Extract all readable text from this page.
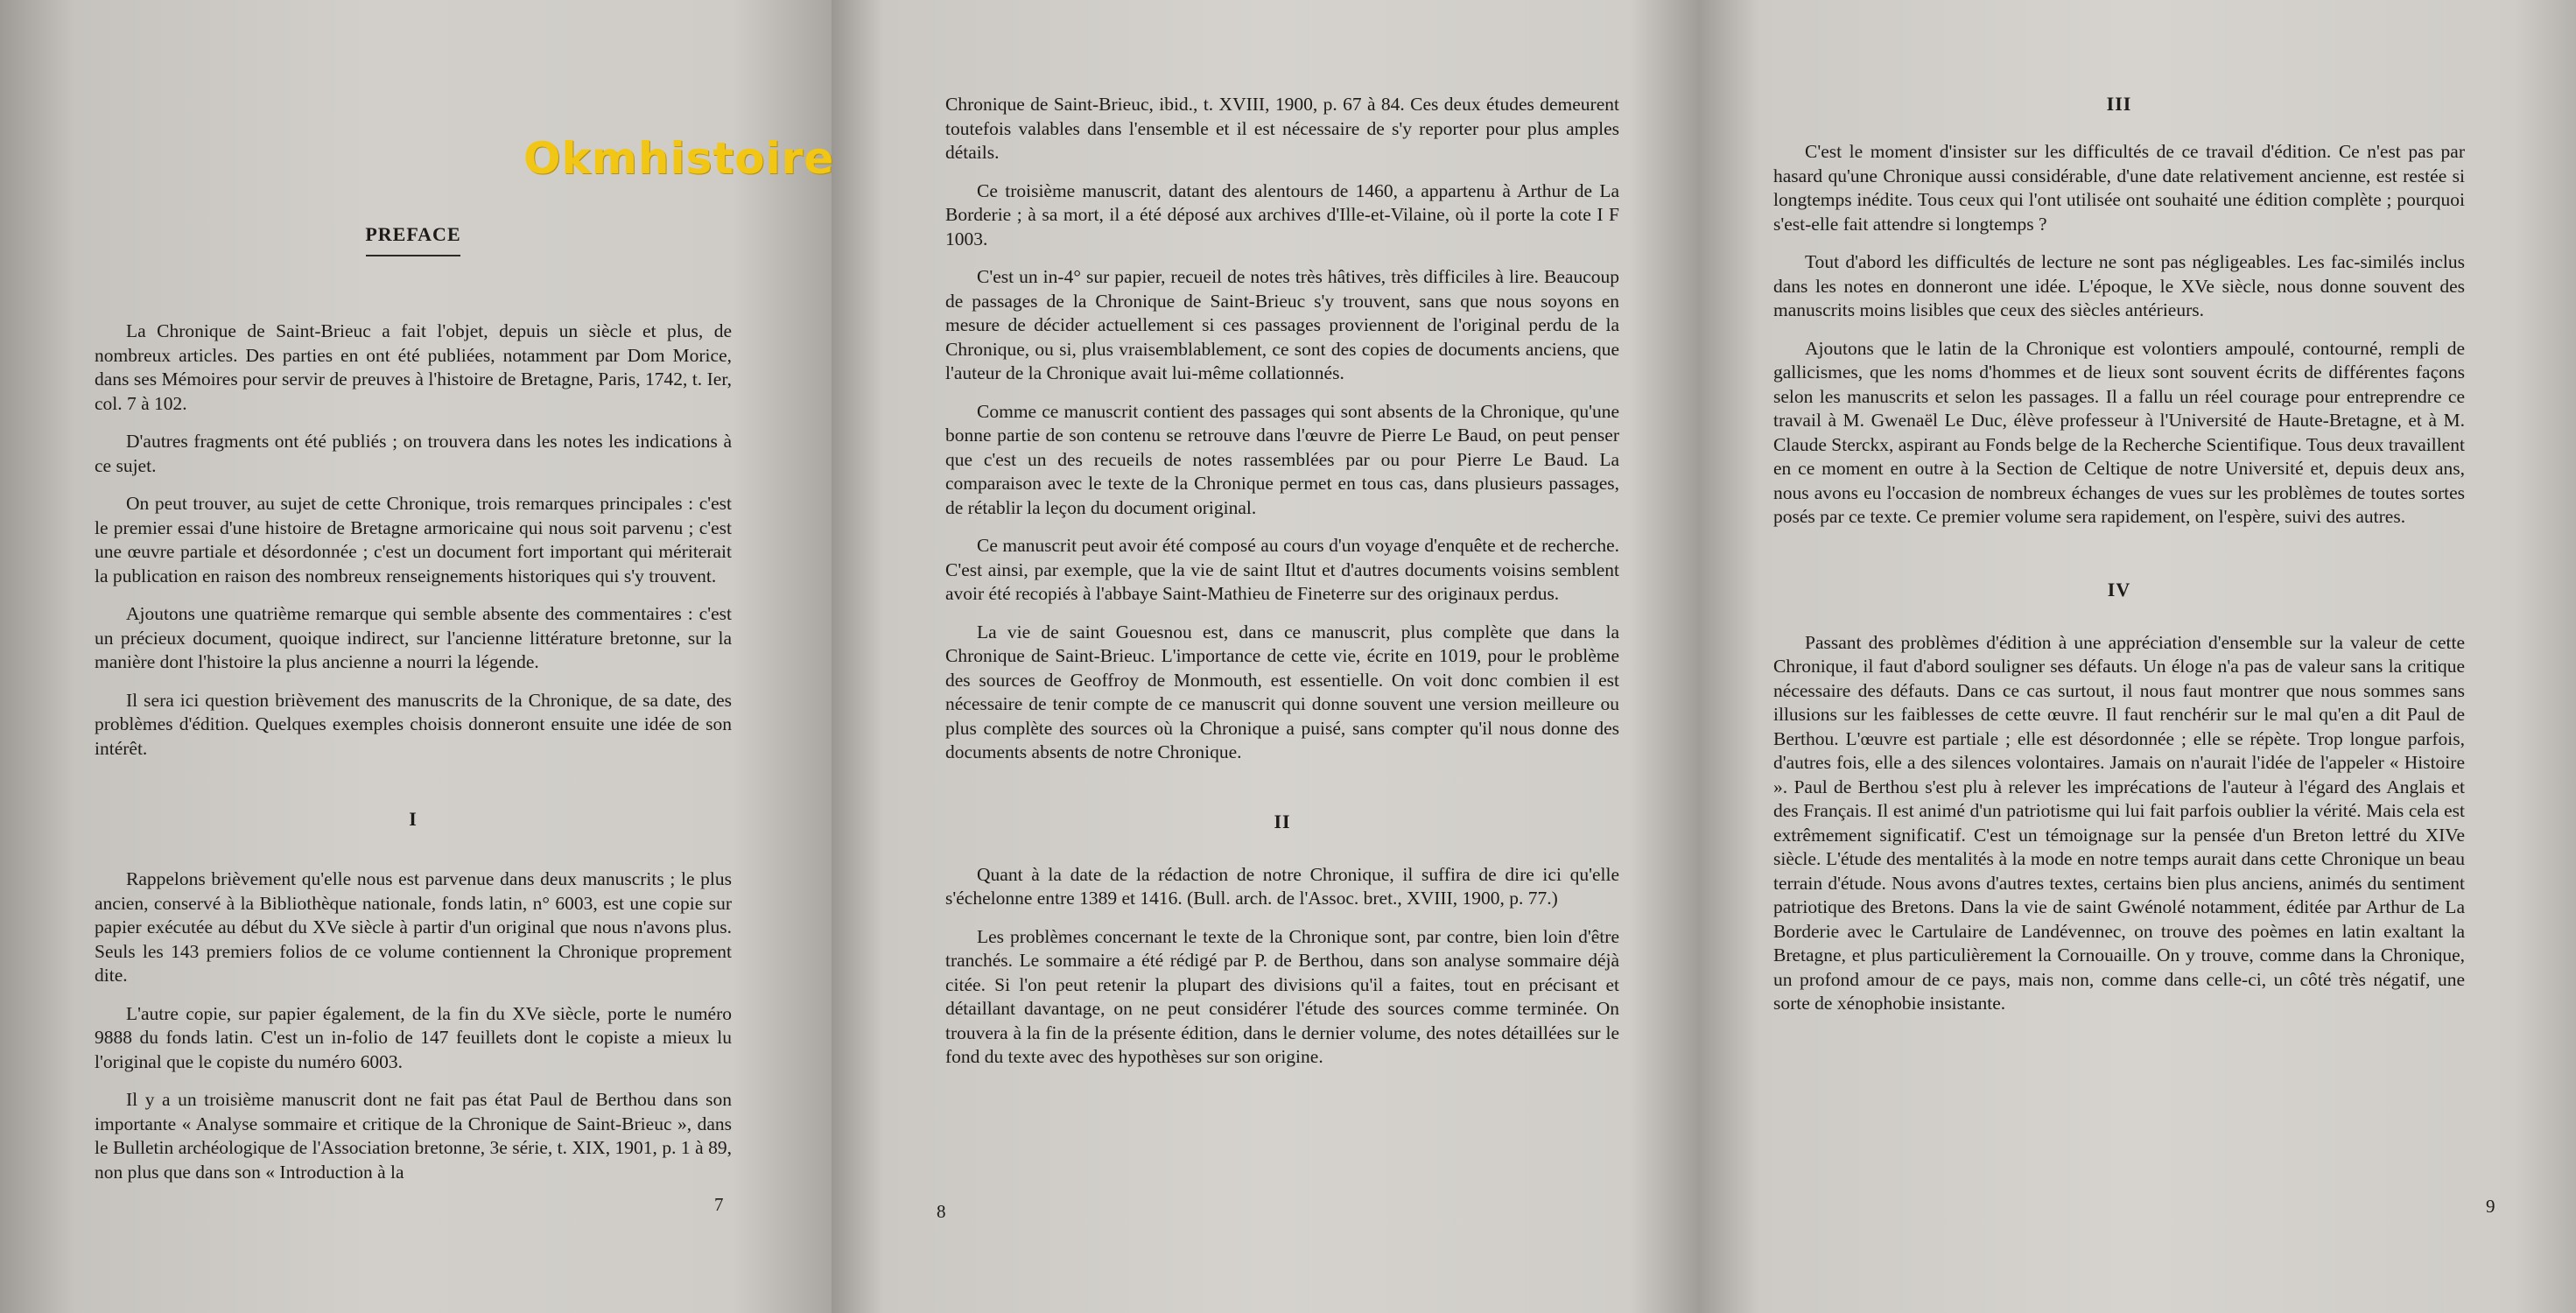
PREFACE

La Chronique de Saint-Brieuc a fait l'objet, depuis un siècle et plus, de nombreux articles. Des parties en ont été publiées, notamment par Dom Morice, dans ses Mémoires pour servir de preuves à l'histoire de Bretagne, Paris, 1742, t. Ier, col. 7 à 102.

D'autres fragments ont été publiés ; on trouvera dans les notes les indications à ce sujet.

On peut trouver, au sujet de cette Chronique, trois remarques principales : c'est le premier essai d'une histoire de Bretagne armoricaine qui nous soit parvenu ; c'est une œuvre partiale et désordonnée ; c'est un document fort important qui mériterait la publication en raison des nombreux renseignements historiques qui s'y trouvent.

Ajoutons une quatrième remarque qui semble absente des commentaires : c'est un précieux document, quoique indirect, sur l'ancienne littérature bretonne, sur la manière dont l'histoire la plus ancienne a nourri la légende.

Il sera ici question brièvement des manuscrits de la Chronique, de sa date, des problèmes d'édition. Quelques exemples choisis donneront ensuite une idée de son intérêt.

I

Rappelons brièvement qu'elle nous est parvenue dans deux manuscrits ; le plus ancien, conservé à la Bibliothèque nationale, fonds latin, n° 6003, est une copie sur papier exécutée au début du XVe siècle à partir d'un original que nous n'avons plus. Seuls les 143 premiers folios de ce volume contiennent la Chronique proprement dite.

L'autre copie, sur papier également, de la fin du XVe siècle, porte le numéro 9888 du fonds latin. C'est un in-folio de 147 feuillets dont le copiste a mieux lu l'original que le copiste du numéro 6003.

Il y a un troisième manuscrit dont ne fait pas état Paul de Berthou dans son importante « Analyse sommaire et critique de la Chronique de Saint-Brieuc », dans le Bulletin archéologique de l'Association bretonne, 3e série, t. XIX, 1901, p. 1 à 89, non plus que dans son « Introduction à la

7

Chronique de Saint-Brieuc, ibid., t. XVIII, 1900, p. 67 à 84. Ces deux études demeurent toutefois valables dans l'ensemble et il est nécessaire de s'y reporter pour plus amples détails.

Ce troisième manuscrit, datant des alentours de 1460, a appartenu à Arthur de La Borderie ; à sa mort, il a été déposé aux archives d'Ille-et-Vilaine, où il porte la cote I F 1003.

C'est un in-4° sur papier, recueil de notes très hâtives, très difficiles à lire. Beaucoup de passages de la Chronique de Saint-Brieuc s'y trouvent, sans que nous soyons en mesure de décider actuellement si ces passages proviennent de l'original perdu de la Chronique, ou si, plus vraisemblablement, ce sont des copies de documents anciens, que l'auteur de la Chronique avait lui-même collationnés.

Comme ce manuscrit contient des passages qui sont absents de la Chronique, qu'une bonne partie de son contenu se retrouve dans l'œuvre de Pierre Le Baud, on peut penser que c'est un des recueils de notes rassemblées par ou pour Pierre Le Baud. La comparaison avec le texte de la Chronique permet en tous cas, dans plusieurs passages, de rétablir la leçon du document original.

Ce manuscrit peut avoir été composé au cours d'un voyage d'enquête et de recherche. C'est ainsi, par exemple, que la vie de saint Iltut et d'autres documents voisins semblent avoir été recopiés à l'abbaye Saint-Mathieu de Fineterre sur des originaux perdus.

La vie de saint Gouesnou est, dans ce manuscrit, plus complète que dans la Chronique de Saint-Brieuc. L'importance de cette vie, écrite en 1019, pour le problème des sources de Geoffroy de Monmouth, est essentielle. On voit donc combien il est nécessaire de tenir compte de ce manuscrit qui donne souvent une version meilleure ou plus complète des sources où la Chronique a puisé, sans compter qu'il nous donne des documents absents de notre Chronique.

II

Quant à la date de la rédaction de notre Chronique, il suffira de dire ici qu'elle s'échelonne entre 1389 et 1416. (Bull. arch. de l'Assoc. bret., XVIII, 1900, p. 77.)

Les problèmes concernant le texte de la Chronique sont, par contre, bien loin d'être tranchés. Le sommaire a été rédigé par P. de Berthou, dans son analyse sommaire déjà citée. Si l'on peut retenir la plupart des divisions qu'il a faites, tout en précisant et détaillant davantage, on ne peut considérer l'étude des sources comme terminée. On trouvera à la fin de la présente édition, dans le dernier volume, des notes détaillées sur le fond du texte avec des hypothèses sur son origine.

8
III

C'est le moment d'insister sur les difficultés de ce travail d'édition. Ce n'est pas par hasard qu'une Chronique aussi considérable, d'une date relativement ancienne, est restée si longtemps inédite. Tous ceux qui l'ont utilisée ont souhaité une édition complète ; pourquoi s'est-elle fait attendre si longtemps ?

Tout d'abord les difficultés de lecture ne sont pas négligeables. Les fac-similés inclus dans les notes en donneront une idée. L'époque, le XVe siècle, nous donne souvent des manuscrits moins lisibles que ceux des siècles antérieurs.

Ajoutons que le latin de la Chronique est volontiers ampoulé, contourné, rempli de gallicismes, que les noms d'hommes et de lieux sont souvent écrits de différentes façons selon les manuscrits et selon les passages. Il a fallu un réel courage pour entreprendre ce travail à M. Gwenaël Le Duc, élève professeur à l'Université de Haute-Bretagne, et à M. Claude Sterckx, aspirant au Fonds belge de la Recherche Scientifique. Tous deux travaillent en ce moment en outre à la Section de Celtique de notre Université et, depuis deux ans, nous avons eu l'occasion de nombreux échanges de vues sur les problèmes de toutes sortes posés par ce texte. Ce premier volume sera rapidement, on l'espère, suivi des autres.

IV

Passant des problèmes d'édition à une appréciation d'ensemble sur la valeur de cette Chronique, il faut d'abord souligner ses défauts. Un éloge n'a pas de valeur sans la critique nécessaire des défauts. Dans ce cas surtout, il nous faut montrer que nous sommes sans illusions sur les faiblesses de cette œuvre. Il faut renchérir sur le mal qu'en a dit Paul de Berthou. L'œuvre est partiale ; elle est désordonnée ; elle se répète. Trop longue parfois, d'autres fois, elle a des silences volontaires. Jamais on n'aurait l'idée de l'appeler « Histoire ». Paul de Berthou s'est plu à relever les imprécations de l'auteur à l'égard des Anglais et des Français. Il est animé d'un patriotisme qui lui fait parfois oublier la vérité. Mais cela est extrêmement significatif. C'est un témoignage sur la pensée d'un Breton lettré du XIVe siècle. L'étude des mentalités à la mode en notre temps aurait dans cette Chronique un beau terrain d'étude. Nous avons d'autres textes, certains bien plus anciens, animés du sentiment patriotique des Bretons. Dans la vie de saint Gwénolé notamment, éditée par Arthur de La Borderie avec le Cartulaire de Landévennec, on trouve des poèmes en latin exaltant la Bretagne, et plus particulièrement la Cornouaille. On y trouve, comme dans la Chronique, un profond amour de ce pays, mais non, comme dans celle-ci, un côté très négatif, une sorte de xénophobie insistante.

9
Okmhistoire
